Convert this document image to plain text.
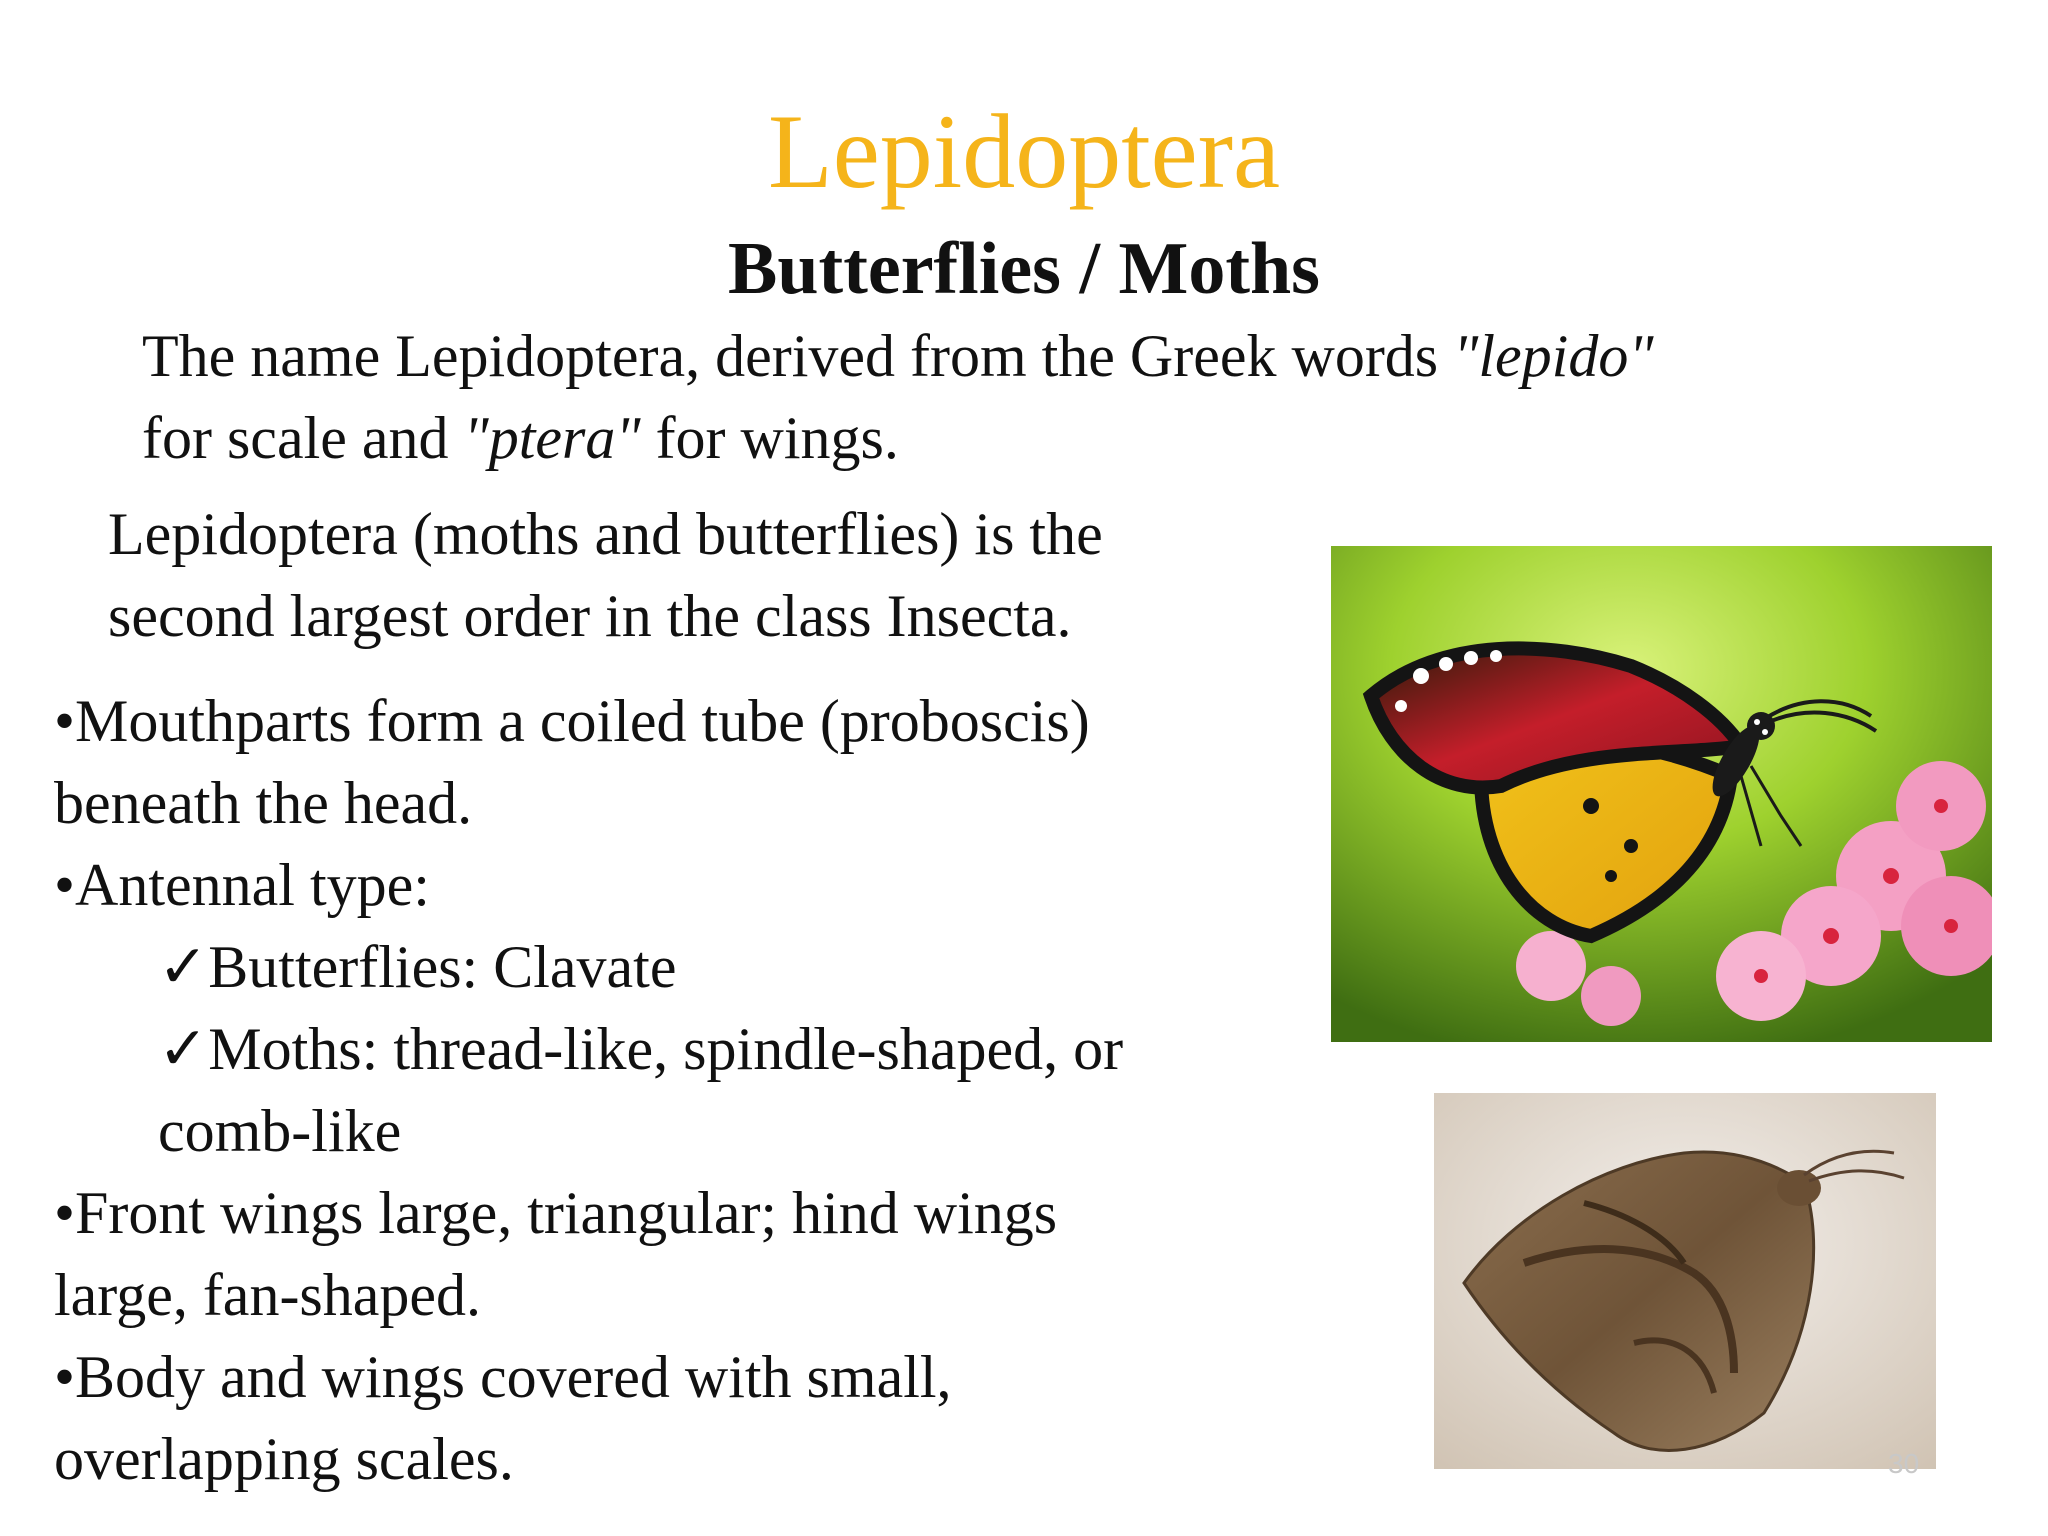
Lepidoptera
Butterflies / Moths
The name Lepidoptera, derived from the Greek words "lepido"
for scale and "ptera" for wings.
Lepidoptera (moths and butterflies) is the
second largest order in the class Insecta.
•Mouthparts form a coiled tube (proboscis)
beneath the head.
•Antennal type:
✓Butterflies: Clavate
✓Moths: thread-like, spindle-shaped, or
comb-like
•Front wings large, triangular; hind wings
large, fan-shaped.
•Body and wings covered with small,
overlapping scales.	30
